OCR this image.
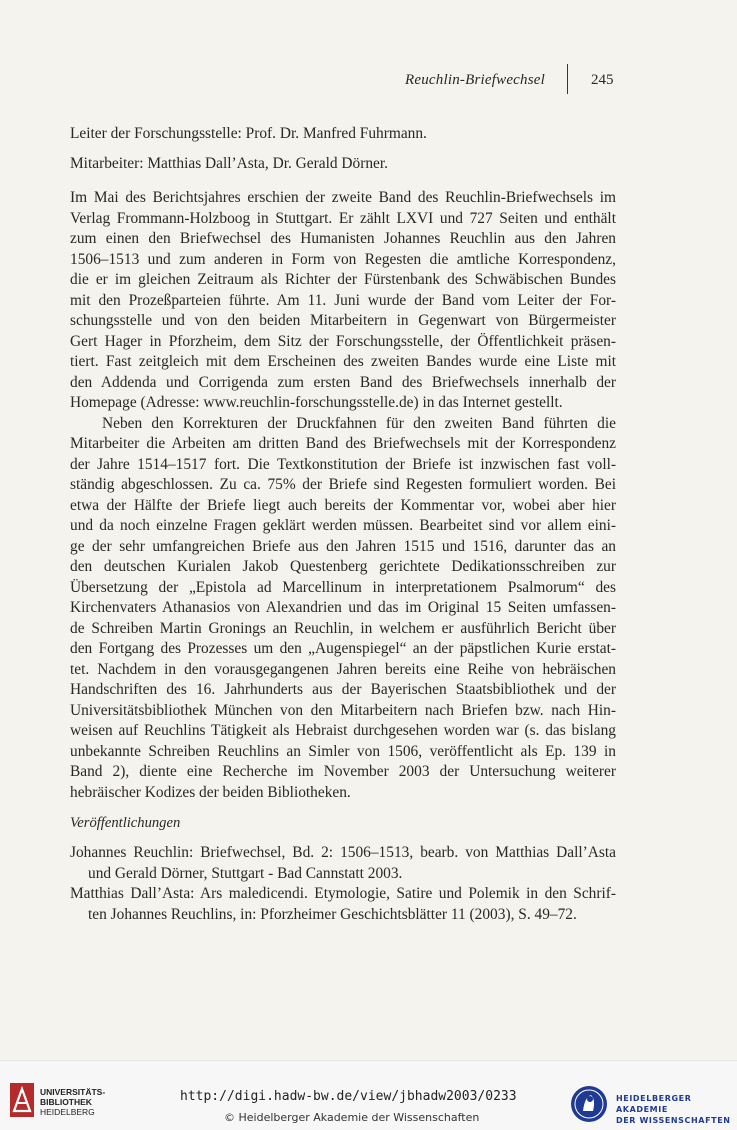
Reuchlin-Briefwechsel	245
Leiter der Forschungsstelle: Prof. Dr. Manfred Fuhrmann.
Mitarbeiter: Matthias Dall’Asta, Dr. Gerald Dörner.
Im Mai des Berichtsjahres erschien der zweite Band des Reuchlin-Briefwechsels im
Verlag Frommann-Holzboog in Stuttgart. Er zählt LXVI und 727 Seiten und enthält
zum einen den Briefwechsel des Humanisten Johannes Reuchlin aus den Jahren
1506–1513 und zum anderen in Form von Regesten die amtliche Korrespondenz,
die er im gleichen Zeitraum als Richter der Fürstenbank des Schwäbischen Bundes
mit den Prozeßparteien führte. Am 11. Juni wurde der Band vom Leiter der For-
schungsstelle und von den beiden Mitarbeitern in Gegenwart von Bürgermeister
Gert Hager in Pforzheim, dem Sitz der Forschungsstelle, der Öffentlichkeit präsen-
tiert. Fast zeitgleich mit dem Erscheinen des zweiten Bandes wurde eine Liste mit
den Addenda und Corrigenda zum ersten Band des Briefwechsels innerhalb der
Homepage (Adresse: www.reuchlin-forschungsstelle.de) in das Internet gestellt.
Neben den Korrekturen der Druckfahnen für den zweiten Band führten die
Mitarbeiter die Arbeiten am dritten Band des Briefwechsels mit der Korrespondenz
der Jahre 1514–1517 fort. Die Textkonstitution der Briefe ist inzwischen fast voll-
ständig abgeschlossen. Zu ca. 75% der Briefe sind Regesten formuliert worden. Bei
etwa der Hälfte der Briefe liegt auch bereits der Kommentar vor, wobei aber hier
und da noch einzelne Fragen geklärt werden müssen. Bearbeitet sind vor allem eini-
ge der sehr umfangreichen Briefe aus den Jahren 1515 und 1516, darunter das an
den deutschen Kurialen Jakob Questenberg gerichtete Dedikationsschreiben zur
Übersetzung der „Epistola ad Marcellinum in interpretationem Psalmorum“ des
Kirchenvaters Athanasios von Alexandrien und das im Original 15 Seiten umfassen-
de Schreiben Martin Gronings an Reuchlin, in welchem er ausführlich Bericht über
den Fortgang des Prozesses um den „Augenspiegel“ an der päpstlichen Kurie erstat-
tet. Nachdem in den vorausgegangenen Jahren bereits eine Reihe von hebräischen
Handschriften des 16. Jahrhunderts aus der Bayerischen Staatsbibliothek und der
Universitätsbibliothek München von den Mitarbeitern nach Briefen bzw. nach Hin-
weisen auf Reuchlins Tätigkeit als Hebraist durchgesehen worden war (s. das bislang
unbekannte Schreiben Reuchlins an Simler von 1506, veröffentlicht als Ep. 139 in
Band 2), diente eine Recherche im November 2003 der Untersuchung weiterer
hebräischer Kodizes der beiden Bibliotheken.
Veröffentlichungen
Johannes Reuchlin: Briefwechsel, Bd. 2: 1506–1513, bearb. von Matthias Dall’Asta
und Gerald Dörner, Stuttgart - Bad Cannstatt 2003.
Matthias Dall’Asta: Ars maledicendi. Etymologie, Satire und Polemik in den Schrif-
ten Johannes Reuchlins, in: Pforzheimer Geschichtsblätter 11 (2003), S. 49–72.
UNIVERSITÄTS-
BIBLIOTHEK
HEIDELBERG
http://digi.hadw-bw.de/view/jbhadw2003/0233
© Heidelberger Akademie der Wissenschaften
HEIDELBERGER AKADEMIE
DER WISSENSCHAFTEN
